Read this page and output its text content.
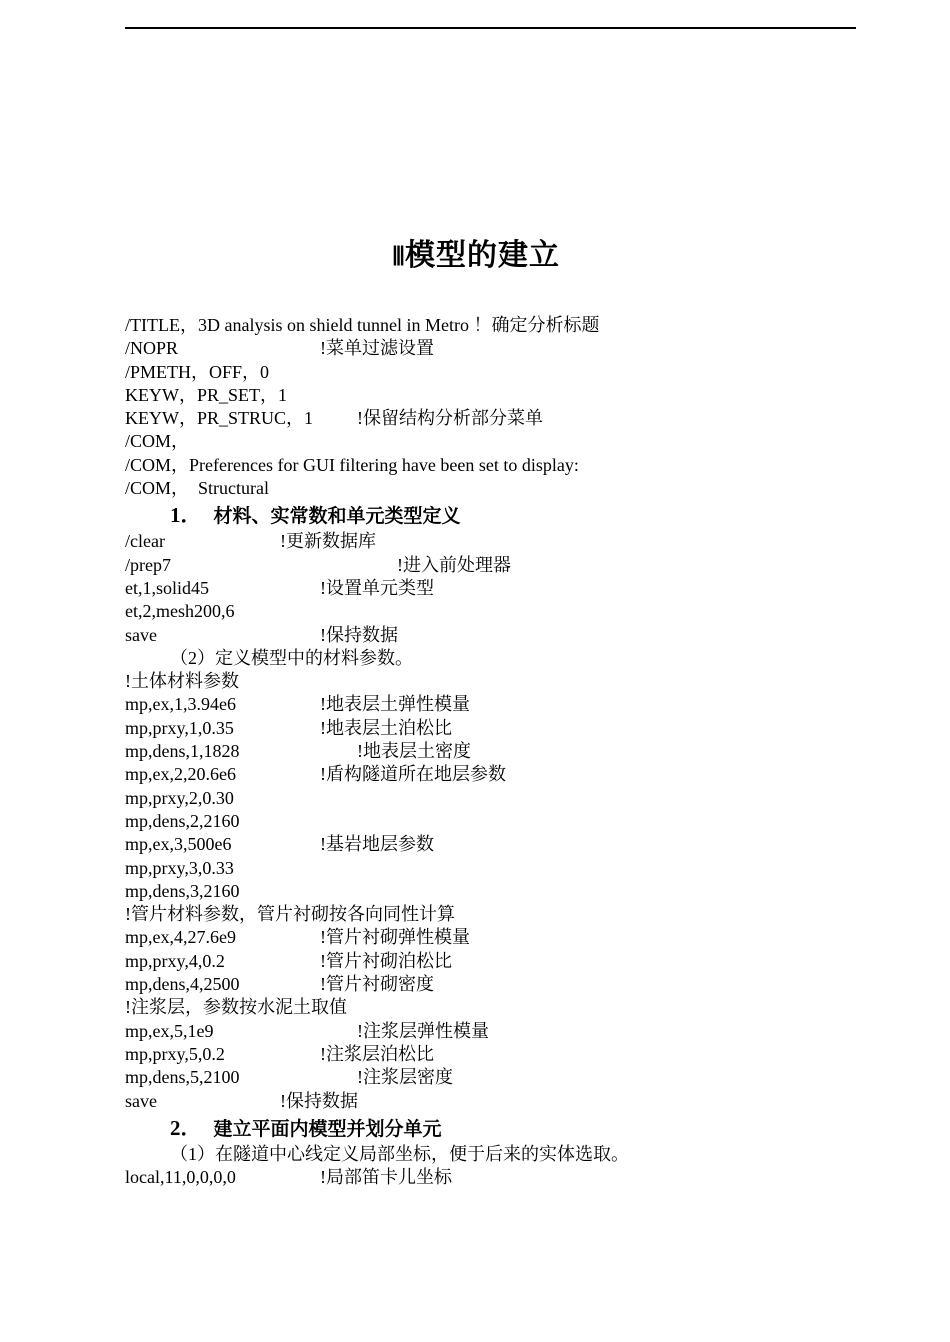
Ⅲ模型的建立
/TITLE，3D analysis on shield tunnel in Metro ！确定分析标题
/NOPR	!菜单过滤设置
/PMETH，OFF，0
KEYW，PR_SET，1
KEYW，PR_STRUC，1 !保留结构分析部分菜单
/COM，
/COM，Preferences for GUI filtering have been set to display:
/COM，  Structural
1． 材料、实常数和单元类型定义
/clear	!更新数据库
/prep7	!进入前处理器
et,1,solid45	!设置单元类型
et,2,mesh200,6
save	!保持数据
（2）定义模型中的材料参数。
!土体材料参数
mp,ex,1,3.94e6	!地表层土弹性模量
mp,prxy,1,0.35	!地表层土泊松比
mp,dens,1,1828	!地表层土密度
mp,ex,2,20.6e6	!盾构隧道所在地层参数
mp,prxy,2,0.30
mp,dens,2,2160
mp,ex,3,500e6	!基岩地层参数
mp,prxy,3,0.33
mp,dens,3,2160
!管片材料参数，管片衬砌按各向同性计算
mp,ex,4,27.6e9	!管片衬砌弹性模量
mp,prxy,4,0.2	!管片衬砌泊松比
mp,dens,4,2500	!管片衬砌密度
!注浆层，参数按水泥土取值
mp,ex,5,1e9	!注浆层弹性模量
mp,prxy,5,0.2	!注浆层泊松比
mp,dens,5,2100	!注浆层密度
save	!保持数据
2． 建立平面内模型并划分单元
（1）在隧道中心线定义局部坐标，便于后来的实体选取。
local,11,0,0,0,0	!局部笛卡儿坐标
